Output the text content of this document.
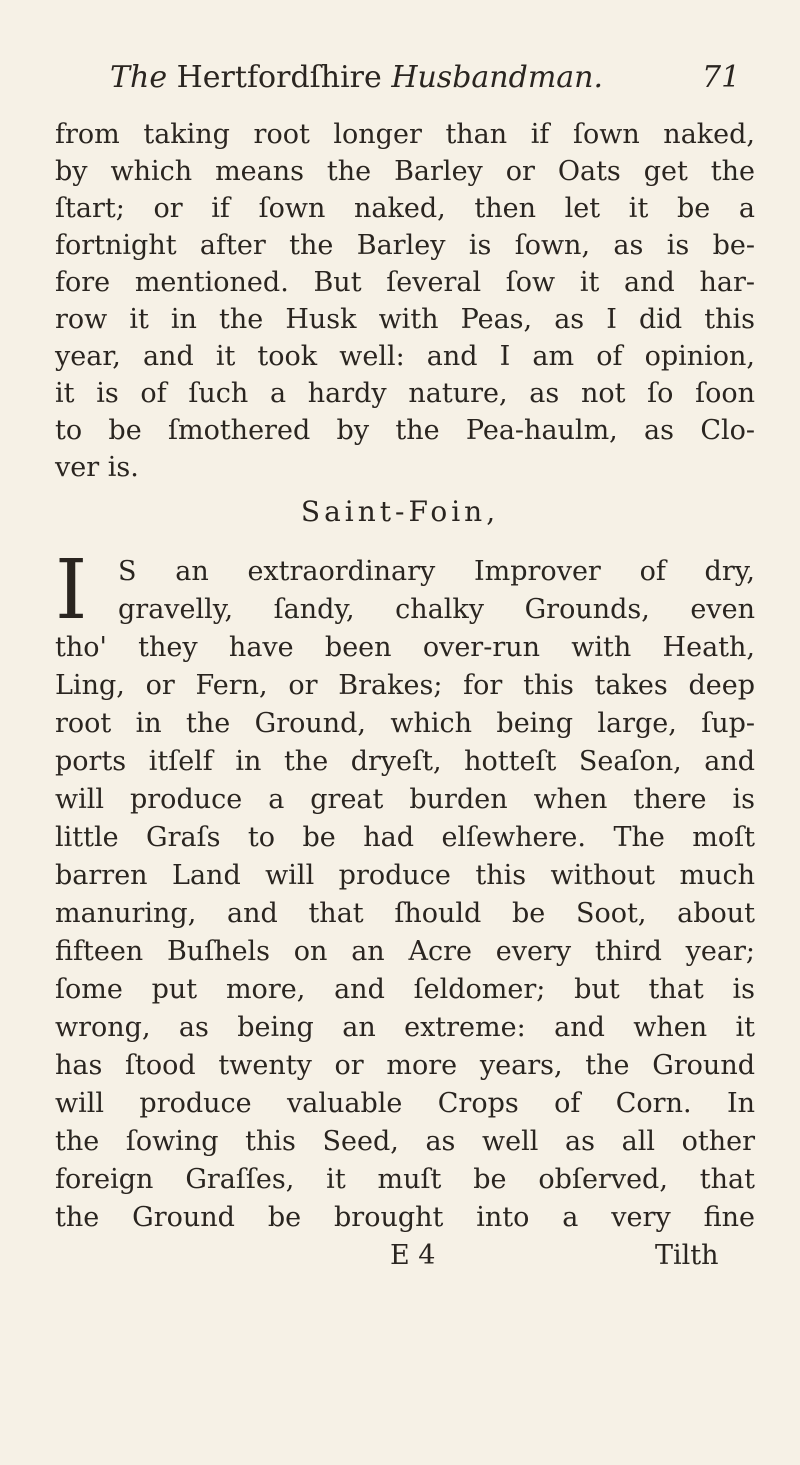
The Hertfordſhire Husbandman.	71
from taking root longer than if ſown naked,
by which means the Barley or Oats get the
ſtart; or if ſown naked, then let it be a
fortnight after the Barley is ſown, as is be-
fore mentioned. But ſeveral ſow it and har-
row it in the Husk with Peas, as I did this
year, and it took well: and I am of opinion,
it is of ſuch a hardy nature, as not ſo ſoon
to be ſmothered by the Pea-haulm, as Clo-
ver is.
Saint-Foin,
I S an extraordinary Improver of dry,
gravelly, ſandy, chalky Grounds, even
tho' they have been over-run with Heath,
Ling, or Fern, or Brakes; for this takes deep
root in the Ground, which being large, ſup-
ports itſelf in the dryeſt, hotteſt Seaſon, and
will produce a great burden when there is
little Graſs to be had elſewhere. The moſt
barren Land will produce this without much
manuring, and that ſhould be Soot, about
fifteen Buſhels on an Acre every third year;
ſome put more, and ſeldomer; but that is
wrong, as being an extreme: and when it
has ſtood twenty or more years, the Ground
will produce valuable Crops of Corn. In
the ſowing this Seed, as well as all other
foreign Graſſes, it muſt be obſerved, that
the Ground be brought into a very fine
E 4	Tilth
